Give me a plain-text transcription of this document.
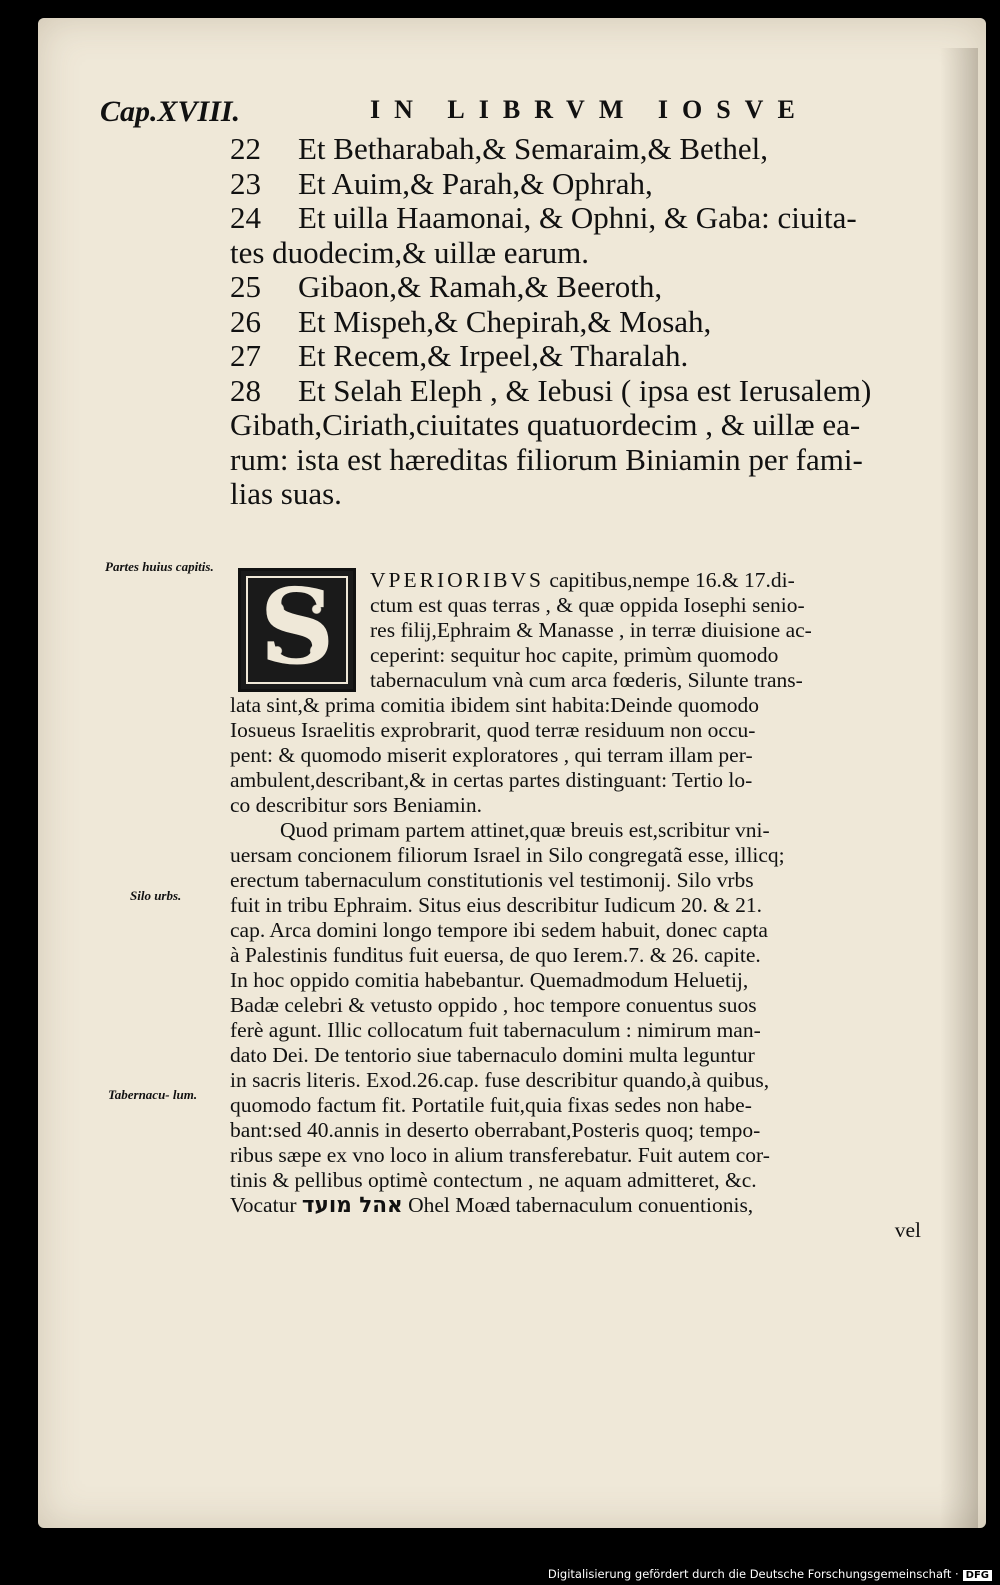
Cap.XVIII.	IN LIBRVM IOSVE
22 Et Betharabah,& Semaraim,& Bethel,
23 Et Auim,& Parah,& Ophrah,
24 Et uilla Haamonai, & Ophni, & Gaba: ciuita-
tes duodecim,& uillæ earum.
25 Gibaon,& Ramah,& Beeroth,
26 Et Mispeh,& Chepirah,& Mosah,
27 Et Recem,& Irpeel,& Tharalah.
28 Et Selah Eleph , & Iebusi ( ipsa est Ierusalem)
Gibath,Ciriath,ciuitates quatuordecim , & uillæ ea-
rum: ista est hæreditas filiorum Biniamin per fami-
lias suas.
Partes huius capitis.
Silo urbs.
Tabernacu- lum.
S	VPERIORIBVS capitibus,nempe 16.& 17.di-
ctum est quas terras , & quæ oppida Iosephi senio-
res filij,Ephraim & Manasse , in terræ diuisione ac-
ceperint: sequitur hoc capite, primùm quomodo
tabernaculum vnà cum arca fœderis, Silunte trans-
lata sint,& prima comitia ibidem sint habita:Deinde quomodo
Iosueus Israelitis exprobrarit, quod terræ residuum non occu-
pent: & quomodo miserit exploratores , qui terram illam per-
ambulent,describant,& in certas partes distinguant: Tertio lo-
co describitur sors Beniamin.
Quod primam partem attinet,quæ breuis est,scribitur vni-
uersam concionem filiorum Israel in Silo congregatã esse, illicq;
erectum tabernaculum constitutionis vel testimonij. Silo vrbs
fuit in tribu Ephraim. Situs eius describitur Iudicum 20. & 21.
cap. Arca domini longo tempore ibi sedem habuit, donec capta
à Palestinis funditus fuit euersa, de quo Ierem.7. & 26. capite.
In hoc oppido comitia habebantur. Quemadmodum Heluetij,
Badæ celebri & vetusto oppido , hoc tempore conuentus suos
ferè agunt. Illic collocatum fuit tabernaculum : nimirum man-
dato Dei. De tentorio siue tabernaculo domini multa leguntur
in sacris literis. Exod.26.cap. fuse describitur quando,à quibus,
quomodo factum fit. Portatile fuit,quia fixas sedes non habe-
bant:sed 40.annis in deserto oberrabant,Posteris quoq; tempo-
ribus sæpe ex vno loco in alium transferebatur. Fuit autem cor-
tinis & pellibus optimè contectum , ne aquam admitteret, &c.
Vocatur אהל מועד Ohel Moæd tabernaculum conuentionis,
vel
Digitalisierung gefördert durch die Deutsche Forschungsgemeinschaft · DFG
